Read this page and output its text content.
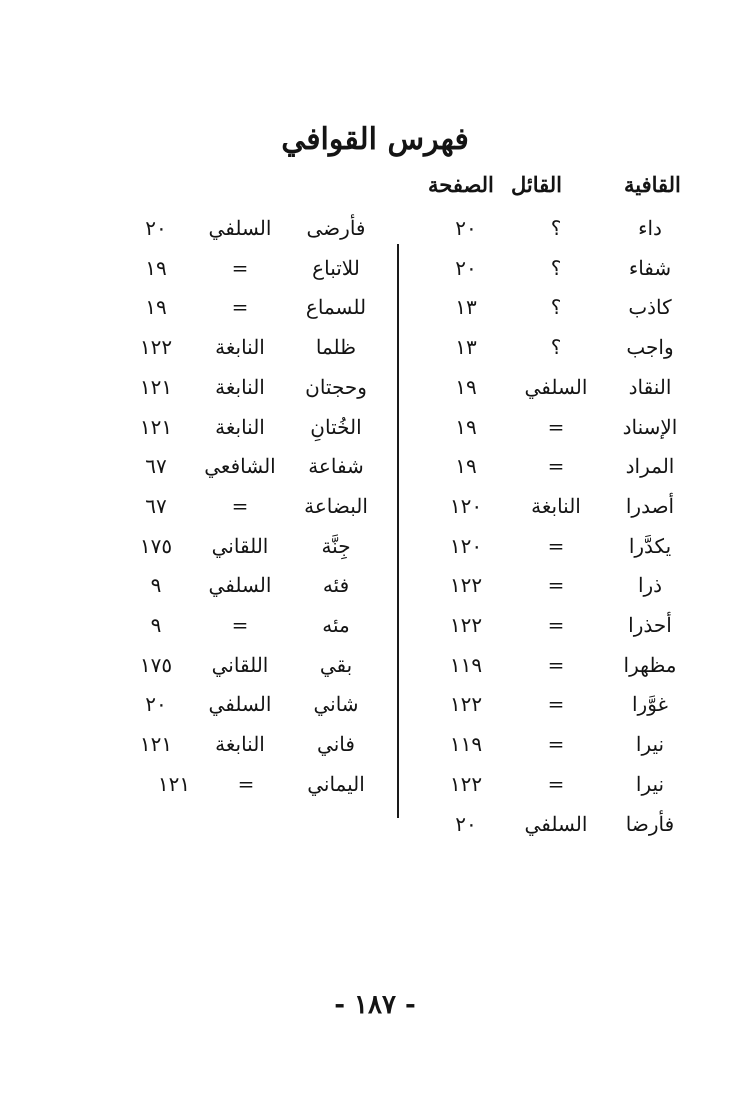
فهرس القوافي
القافية
القائل
الصفحة
داء
؟
٢٠
شفاء
؟
٢٠
كاذب
؟
١٣
واجب
؟
١٣
النقاد
السلفي
١٩
الإسناد
=
١٩
المراد
=
١٩
أصدرا
النابغة
١٢٠
يكدَّرا
=
١٢٠
ذرا
=
١٢٢
أحذرا
=
١٢٢
مظهرا
=
١١٩
غوَّرا
=
١٢٢
نيرا
=
١١٩
نيرا
=
١٢٢
فأرضا
السلفي
٢٠
فأرضى
السلفي
٢٠
للاتباع
=
١٩
للسماع
=
١٩
ظلما
النابغة
١٢٢
وحجتان
النابغة
١٢١
الخُتانِ
النابغة
١٢١
شفاعة
الشافعي
٦٧
البضاعة
=
٦٧
جِنَّة
اللقاني
١٧٥
فئه
السلفي
٩
مئه
=
٩
بقي
اللقاني
١٧٥
شاني
السلفي
٢٠
فاني
النابغة
١٢١
اليماني
=
١٢١
- ١٨٧ -
